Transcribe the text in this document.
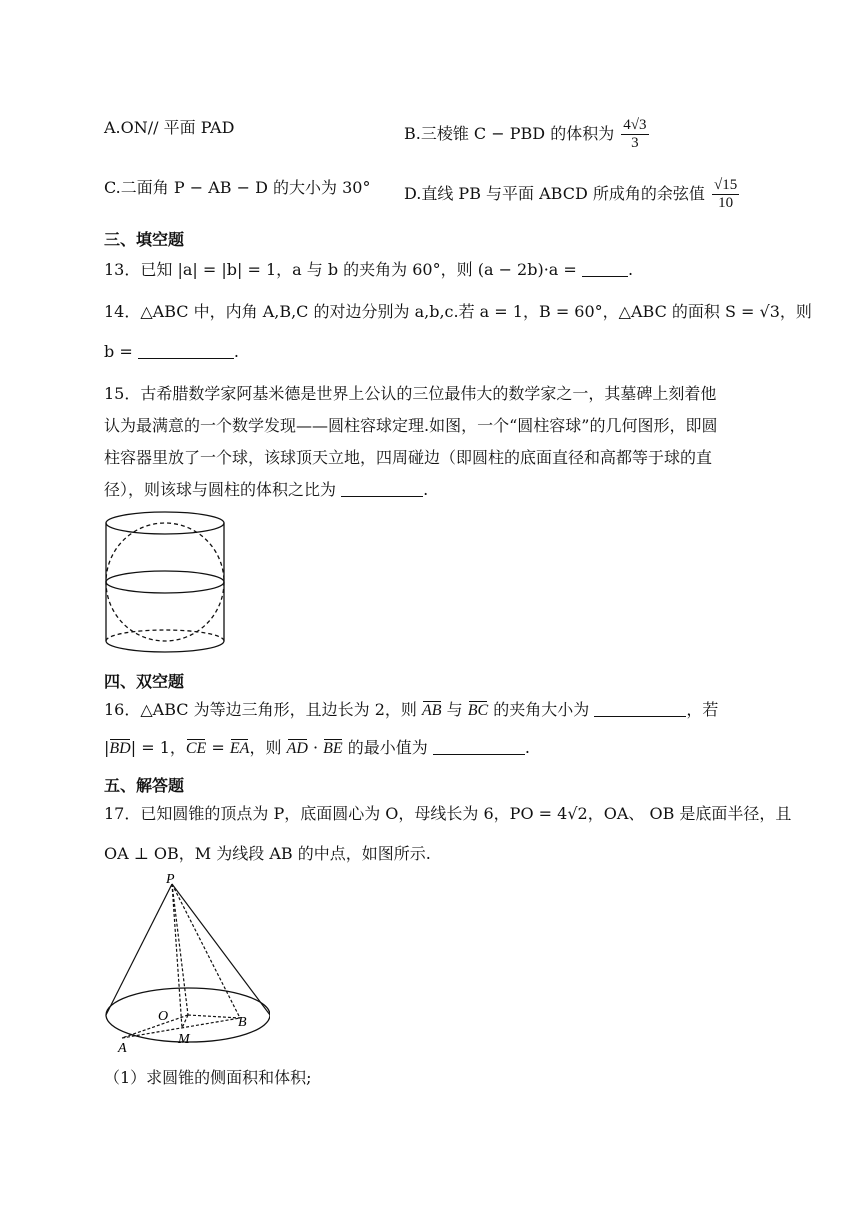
A.ON// 平面 PAD	B.三棱锥 C − PBD 的体积为 $\frac{4√3}{3}$
C.二面角 P − AB − D 的大小为 30° D.直线 PB 与平面 ABCD 所成角的余弦值 $\frac{√15}{10}$
三、填空题
13．已知 |a| = |b| = 1，a 与 b 的夹角为 60°，则 (a − 2b)·a =	.
14．△ABC 中，内角 A,B,C 的对边分别为 a,b,c.若 a = 1，B = 60°，△ABC 的面积 S = √3，则
b =	.
15．古希腊数学家阿基米德是世界上公认的三位最伟大的数学家之一，其墓碑上刻着他
认为最满意的一个数学发现——圆柱容球定理.如图，一个“圆柱容球”的几何图形，即圆
柱容器里放了一个球，该球顶天立地，四周碰边（即圆柱的底面直径和高都等于球的直
径），则该球与圆柱的体积之比为	.
四、双空题
16．△ABC 为等边三角形，且边长为 2，则 AB 与 BC 的夹角大小为	，若
|BD| = 1，CE = EA，则 AD · BE 的最小值为	.
五、解答题
17．已知圆锥的顶点为 P，底面圆心为 O，母线长为 6，PO = 4√2，OA、 OB 是底面半径，且
OA ⊥ OB，M 为线段 AB 的中点，如图所示.
P
O	B
A
M
（1）求圆锥的侧面积和体积;
